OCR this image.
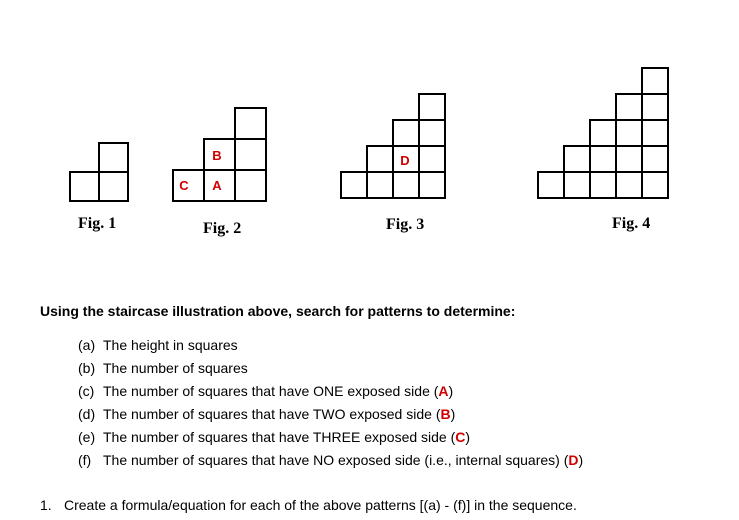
B
C A
D
Fig. 1	Fig. 2	Fig. 3	Fig. 4
Using the staircase illustration above, search for patterns to determine:
(a) The height in squares
(b) The number of squares
(c) The number of squares that have ONE exposed side (A)
(d) The number of squares that have TWO exposed side (B)
(e) The number of squares that have THREE exposed side (C)
(f) The number of squares that have NO exposed side (i.e., internal squares) (D)
1. Create a formula/equation for each of the above patterns [(a) - (f)] in the sequence.
